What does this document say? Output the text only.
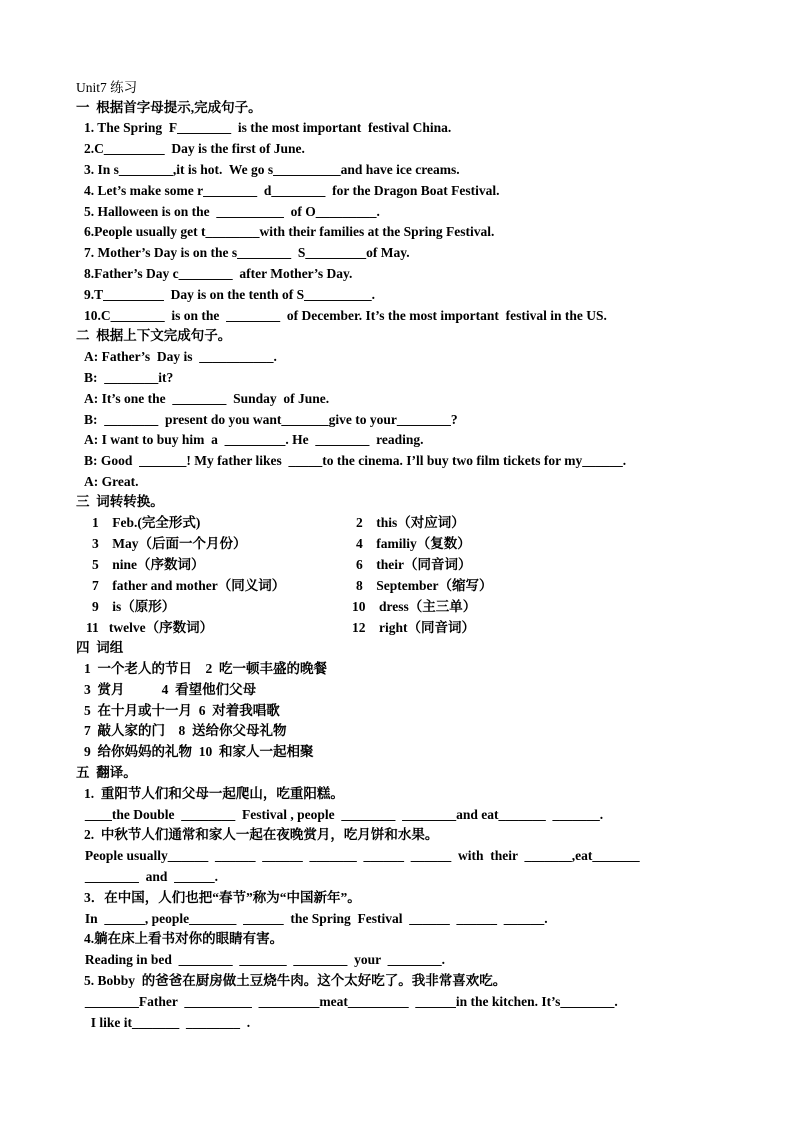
Unit7 练习
一  根据首字母提示,完成句子。
1. The Spring  F________  is the most important  festival China.
2.C_________  Day is the first of June.
3. In s________,it is hot.  We go s__________and have ice creams.
4. Let’s make some r________  d________  for the Dragon Boat Festival.
5. Halloween is on the  __________  of O_________.
6.People usually get t________with their families at the Spring Festival.
7. Mother’s Day is on the s________  S_________of May.
8.Father’s Day c________  after Mother’s Day.
9.T_________  Day is on the tenth of S__________.
10.C________  is on the  ________  of December. It’s the most important  festival in the US.
二  根据上下文完成句子。
A: Father’s  Day is  ___________.
B:  ________it?
A: It’s one the  ________  Sunday  of June.
B:  ________  present do you want_______give to your________?
A: I want to buy him  a  _________. He  ________  reading.
B: Good  _______! My father likes  _____to the cinema. I’ll buy two film tickets for my______.
A: Great.
三  词转转换。
1    Feb.(完全形式)	2    this（对应词）
3    May（后面一个月份）	4    familiy（复数）
5    nine（序数词）	6    their（同音词）
7    father and mother（同义词）	8    September（缩写）
9    is（原形）	10    dress（主三单）
11   twelve（序数词）	12    right（同音词）
四  词组
1  一个老人的节日    2  吃一顿丰盛的晚餐
3  赏月           4  看望他们父母
5  在十月或十一月  6  对着我唱歌
7  敲人家的门    8  送给你父母礼物
9  给你妈妈的礼物  10  和家人一起相聚
五  翻译。
1.  重阳节人们和父母一起爬山，吃重阳糕。
____the Double  ________  Festival , people  ________  ________and eat_______  _______.
2.  中秋节人们通常和家人一起在夜晚赏月，吃月饼和水果。
People usually______  ______  ______  _______  ______  ______  with  their  _______,eat_______
________  and  ______.
3．在中国，人们也把“春节”称为“中国新年”。
In  ______, people_______  ______  the Spring  Festival  ______  ______  ______.
4.躺在床上看书对你的眼睛有害。
Reading in bed  ________  _______  ________  your  ________.
5. Bobby  的爸爸在厨房做土豆烧牛肉。这个太好吃了。我非常喜欢吃。
________Father  __________  _________meat_________  ______in the kitchen. It’s________.
I like it_______  ________  .
